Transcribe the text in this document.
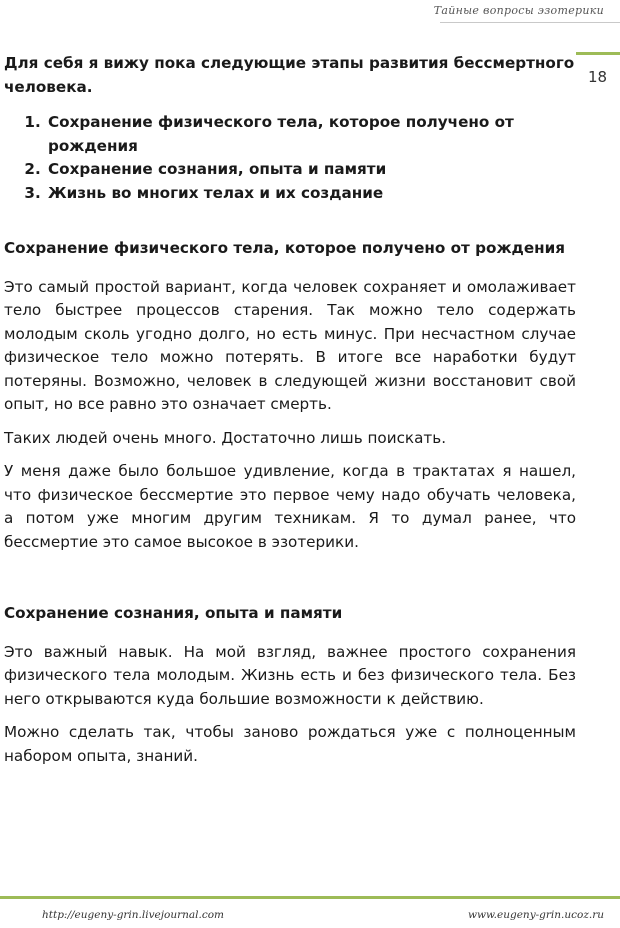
Тайные вопросы эзотерики
18

Для себя я вижу пока следующие этапы развития бессмертного человека.

1. Сохранение физического тела, которое получено от рождения
2. Сохранение сознания, опыта и памяти
3. Жизнь во многих телах и их создание

Сохранение физического тела, которое получено от рождения

Это самый простой вариант, когда человек сохраняет и омолаживает тело быстрее процессов старения. Так можно тело содержать молодым сколь угодно долго, но есть минус. При несчастном случае физическое тело можно потерять. В итоге все наработки будут потеряны. Возможно, человек в следующей жизни восстановит свой опыт, но все равно это означает смерть.

Таких людей очень много. Достаточно лишь поискать.

У меня даже было большое удивление, когда в трактатах я нашел, что физическое бессмертие это первое чему надо обучать человека, а потом уже многим другим техникам. Я то думал ранее, что бессмертие это самое высокое в эзотерики.

Сохранение сознания, опыта и памяти

Это важный навык. На мой взгляд, важнее простого сохранения физического тела молодым. Жизнь есть и без физического тела. Без него открываются куда большие возможности к действию.

Можно сделать так, чтобы заново рождаться уже с полноценным набором опыта, знаний.

http://eugeny-grin.livejournal.com	www.eugeny-grin.ucoz.ru
